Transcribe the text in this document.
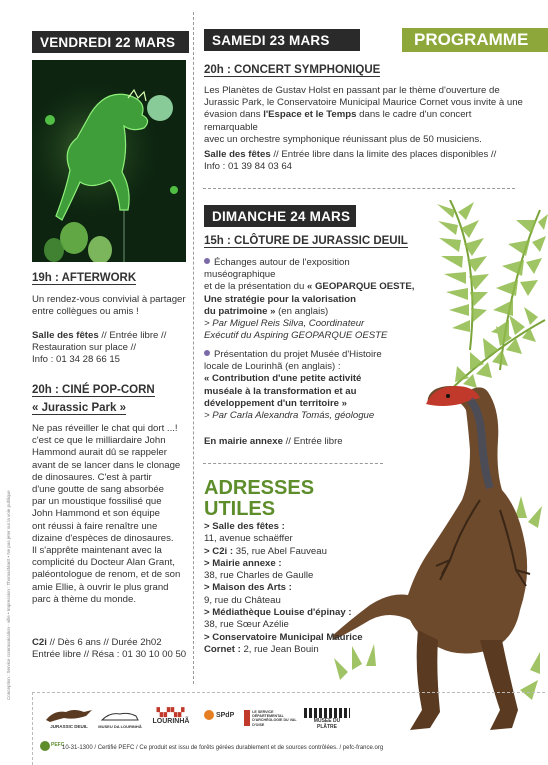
PROGRAMME
VENDREDI 22 MARS
19h : AFTERWORK
Un rendez-vous convivial à partager
entre collègues ou amis !
Salle des fêtes // Entrée libre //
Restauration sur place //
Info : 01 34 28 66 15
20h : CINÉ POP-CORN
« Jurassic Park »
Ne pas réveiller le chat qui dort ...!
c'est ce que le milliardaire John
Hammond aurait dû se rappeler
avant de se lancer dans le clonage
de dinosaures. C'est à partir
d'une goutte de sang absorbée
par un moustique fossilisé que
John Hammond et son équipe
ont réussi à faire renaître une
dizaine d'espèces de dinosaures.
Il s'apprête maintenant avec la
complicité du Docteur Alan Grant,
paléontologue de renom, et de son
amie Ellie, à ouvrir le plus grand
parc à thème du monde.
C2i // Dès 6 ans // Durée 2h02
Entrée libre // Résa : 01 30 10 00 50
SAMEDI 23 MARS
20h : CONCERT SYMPHONIQUE
Les Planètes de Gustav Holst en passant par le thème d'ouverture de
Jurassic Park, le Conservatoire Municipal Maurice Cornet vous invite à une
évasion dans l'Espace et le Temps dans le cadre d'un concert remarquable
avec un orchestre symphonique réunissant plus de 50 musiciens.
Salle des fêtes // Entrée libre dans la limite des places disponibles //
Info : 01 39 84 03 64
DIMANCHE 24 MARS
15h : CLÔTURE DE JURASSIC DEUIL
Échanges autour de l'exposition muséographique
et de la présentation du « GEOPARQUE OESTE,
Une stratégie pour la valorisation
du patrimoine » (en anglais)
> Par Miguel Reis Silva, Coordinateur
Exécutif du Aspiring GEOPARQUE OESTE
Présentation du projet Musée d'Histoire
locale de Lourinhã (en anglais) :
« Contribution d'une petite activité
muséale à la transformation et au
développement d'un territoire »
> Par Carla Alexandra Tomás, géologue
En mairie annexe // Entrée libre
ADRESSES
UTILES
> Salle des fêtes :
11, avenue schaëffer
> C2i : 35, rue Abel Fauveau
> Mairie annexe :
38, rue Charles de Gaulle
> Maison des Arts :
9, rue du Château
> Médiathèque Louise d'épinay :
38, rue Sœur Azélie
> Conservatoire Municipal Maurice
Cornet : 2, rue Jean Bouin
JURASSIC DEUIL	MUSEU DA LOURINHÃ
▚▞▚▞
LOURINHÃ
SPdP
LE SERVICE DÉPARTEMENTAL D'ARCHÉOLOGIE DU VAL D'OISE
MUSÉE DU PLÂTRE
PEFC
10-31-1300 / Certifié PEFC / Ce produit est issu de forêts gérées durablement et de sources contrôlées. / pefc-france.org
Conception : Service communication - ville • Impression : ThomasMarrt • Ne pas jeter sur la voie publique
